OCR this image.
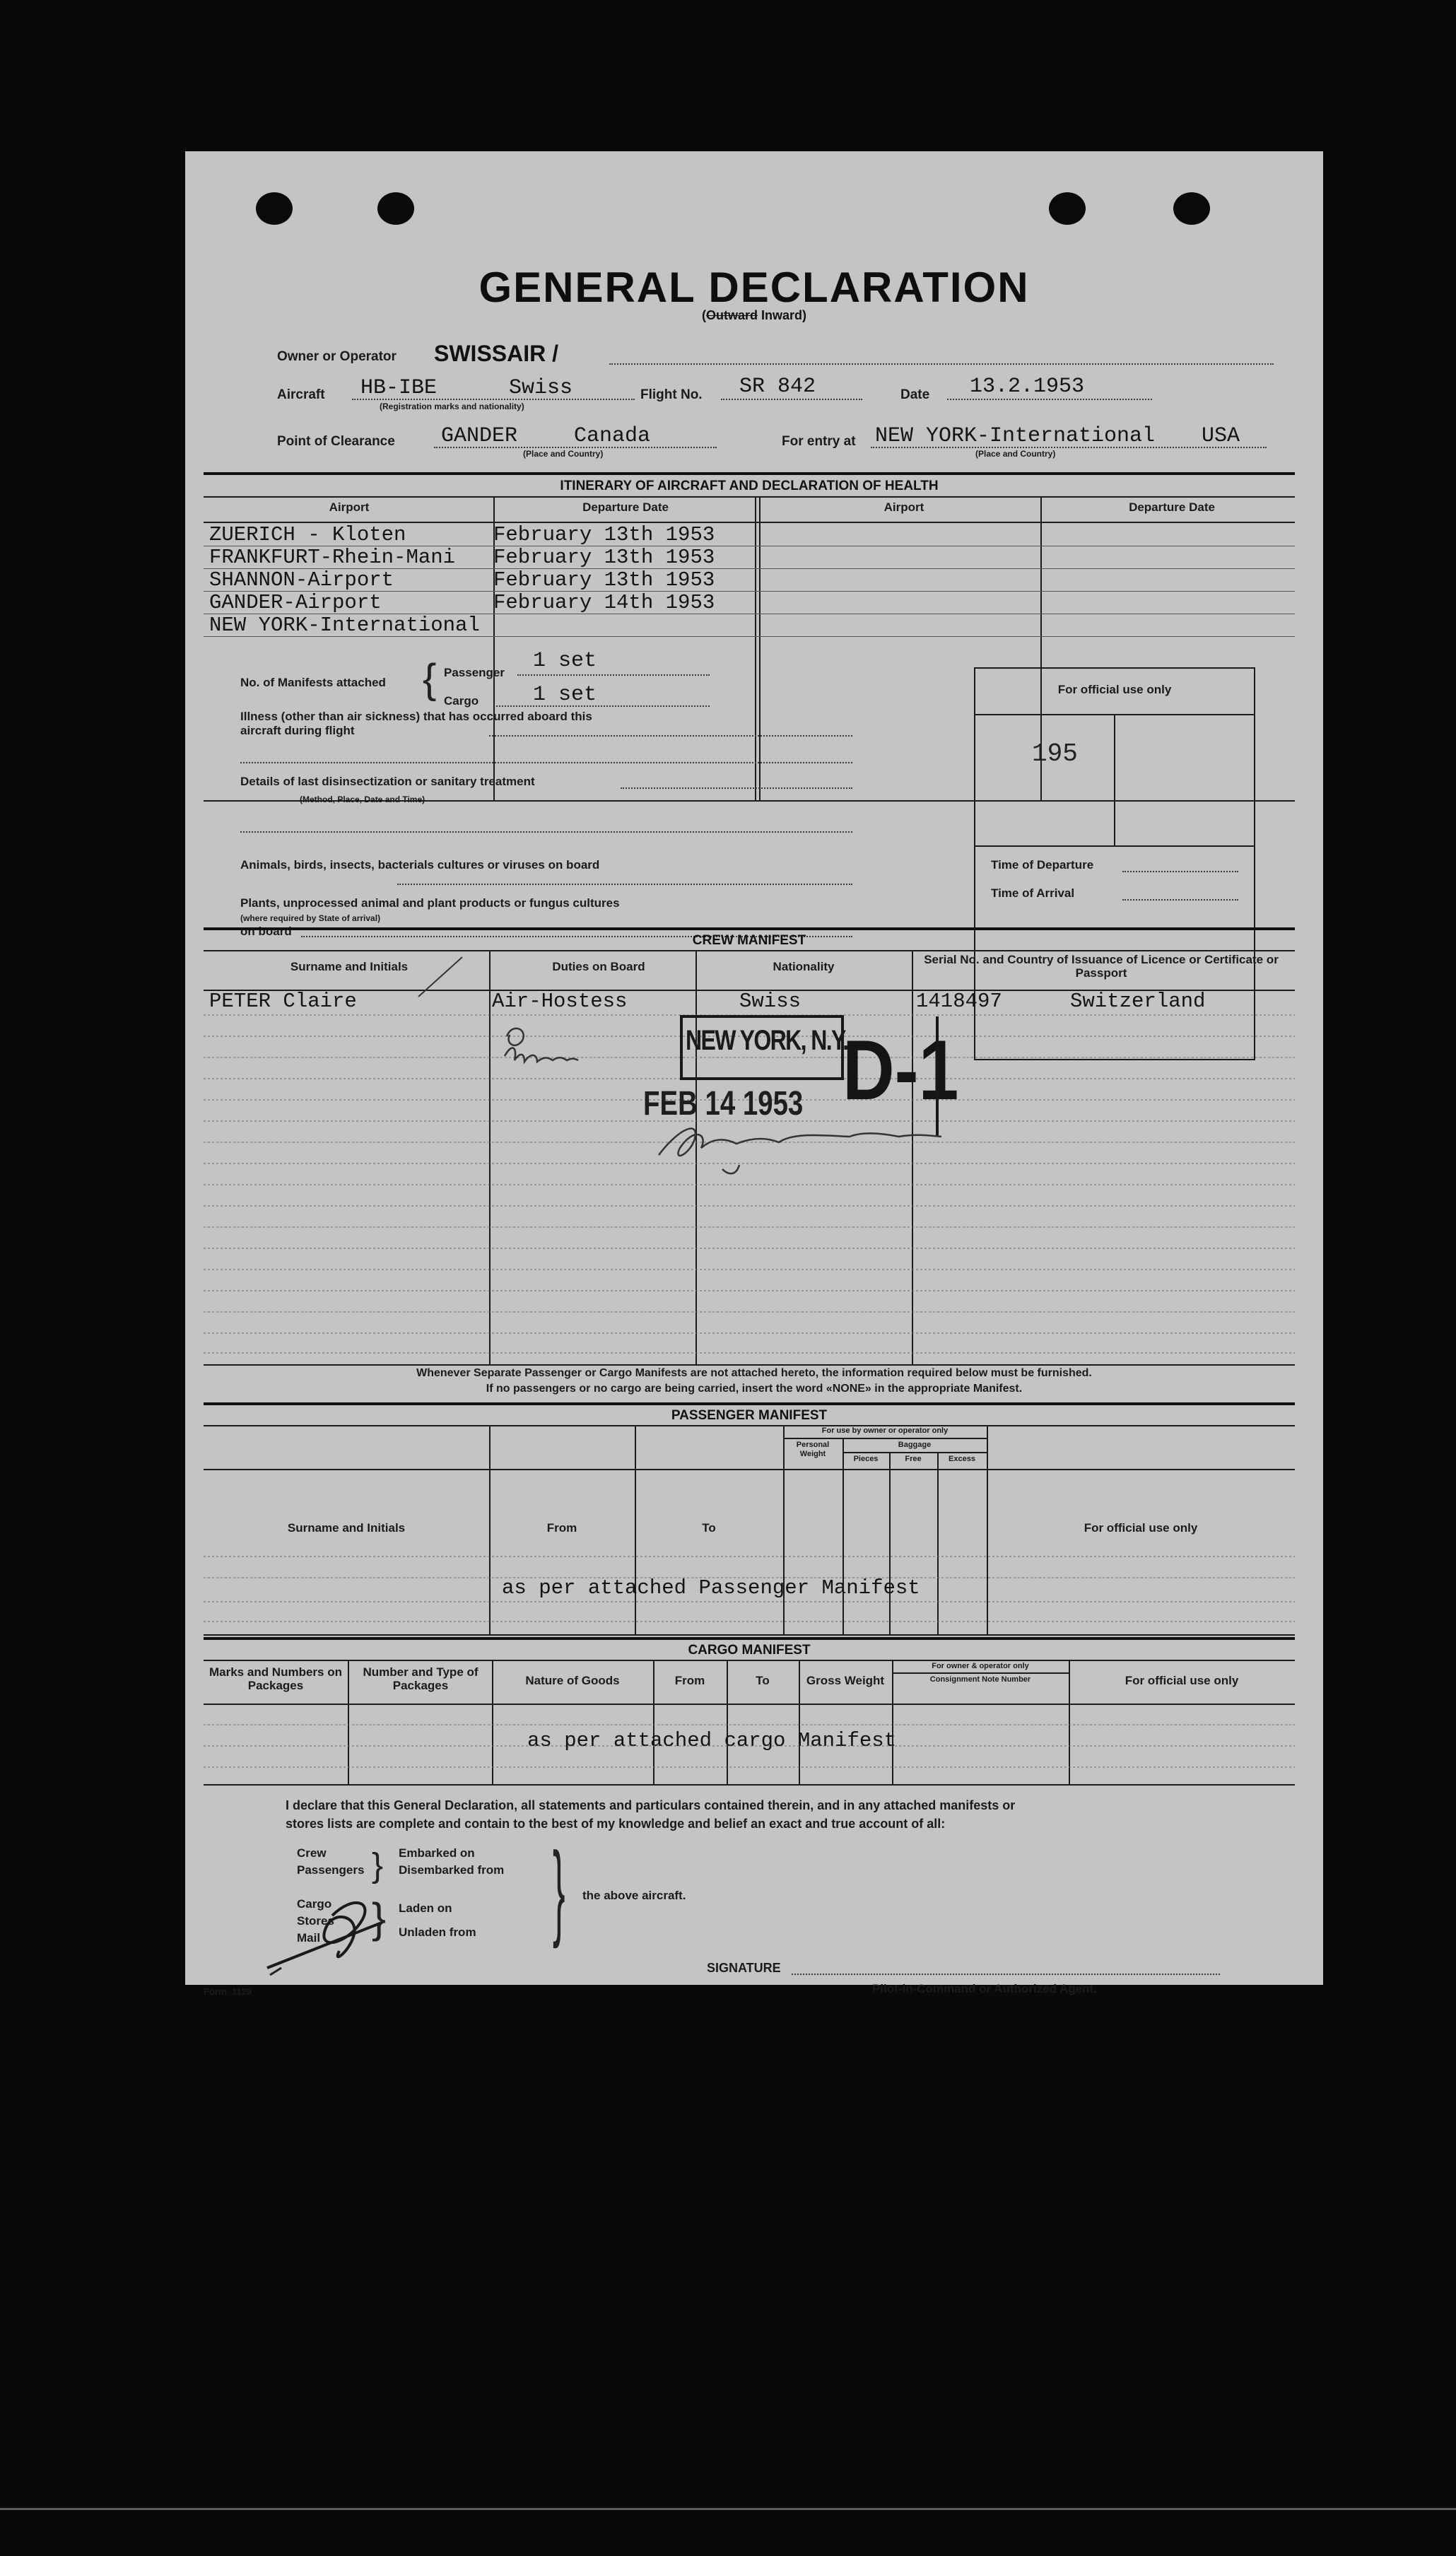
GENERAL DECLARATION
(Outward Inward)
Owner or Operator SWISSAIR /
Aircraft HB-IBE	Swiss
(Registration marks and nationality)
Flight No. SR 842	Date 13.2.1953
Point of Clearance GANDER	Canada
(Place and Country)
For entry at NEW YORK-International USA
(Place and Country)
ITINERARY OF AIRCRAFT AND DECLARATION OF HEALTH
Airport	Departure Date	Airport	Departure Date
ZUERICH - Kloten	February 13th 1953
FRANKFURT-Rhein-Mani February 13th 1953
SHANNON-Airport	February 13th 1953
GANDER-Airport	February 14th 1953
NEW YORK-International
No. of Manifests attached { Passenger 1 set
Cargo	1 set
Illness (other than air sickness) that has occurred aboard this aircraft during flight
Details of last disinsectization or sanitary treatment
(Method, Place, Date and Time)
Animals, birds, insects, bacterials cultures or viruses on board
Plants, unprocessed animal and plant products or fungus cultures
(where required by State of arrival)
on board
For official use only
195
Time of Departure
Time of Arrival
CREW MANIFEST
Surname and Initials	Duties on Board	Nationality
Serial No. and Country of Issuance of Licence or Certificate or Passport
PETER Claire	Air-Hostess	Swiss	1418497	Switzerland
NEW YORK, N.Y.
FEB 14 1953 D-1
Whenever Separate Passenger or Cargo Manifests are not attached hereto, the information required below must be furnished.
If no passengers or no cargo are being carried, insert the word «NONE» in the appropriate Manifest.
PASSENGER MANIFEST
For use by owner or operator only
Personal Weight
Baggage
Pieces	Free	Excess
Surname and Initials	From	To	For official use only
as per attached Passenger Manifest
CARGO MANIFEST
Marks and Numbers on Packages
Number and Type of Packages	Nature of Goods	From	To	Gross Weight
For owner & operator only
Consignment Note Number	For official use only
as per attached cargo Manifest
I declare that this General Declaration, all statements and particulars contained therein, and in any attached manifests or
stores lists are complete and contain to the best of my knowledge and belief an exact and true account of all:
Crew
Passengers
Cargo
Stores
Mail
}
}
Embarked on
Disembarked from
Laden on
Unladen from } the above aircraft.
SIGNATURE
Pilot-in-Command or Authorized Agent.
Form. 1129
